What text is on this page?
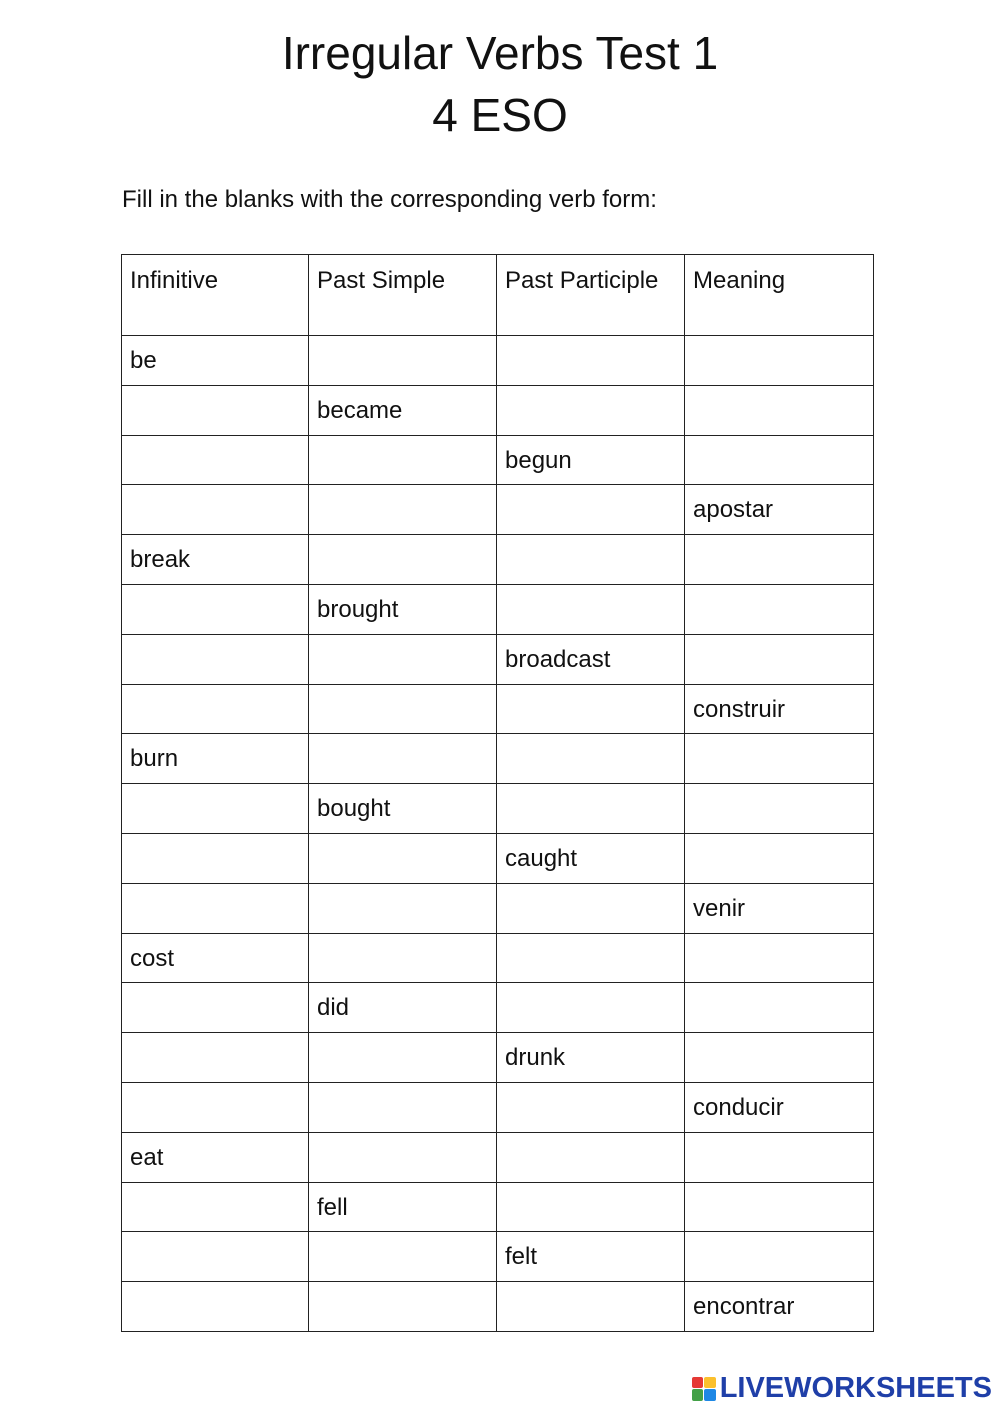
Irregular Verbs Test 1
4 ESO

Fill in the blanks with the corresponding verb form:

Infinitive	Past Simple	Past Participle	Meaning
be			
	became		
		begun	
			apostar
break			
	brought		
		broadcast	
			construir
burn			
	bought		
		caught	
			venir
cost			
	did		
		drunk	
			conducir
eat			
	fell		
		felt	
			encontrar
LIVEWORKSHEETS
